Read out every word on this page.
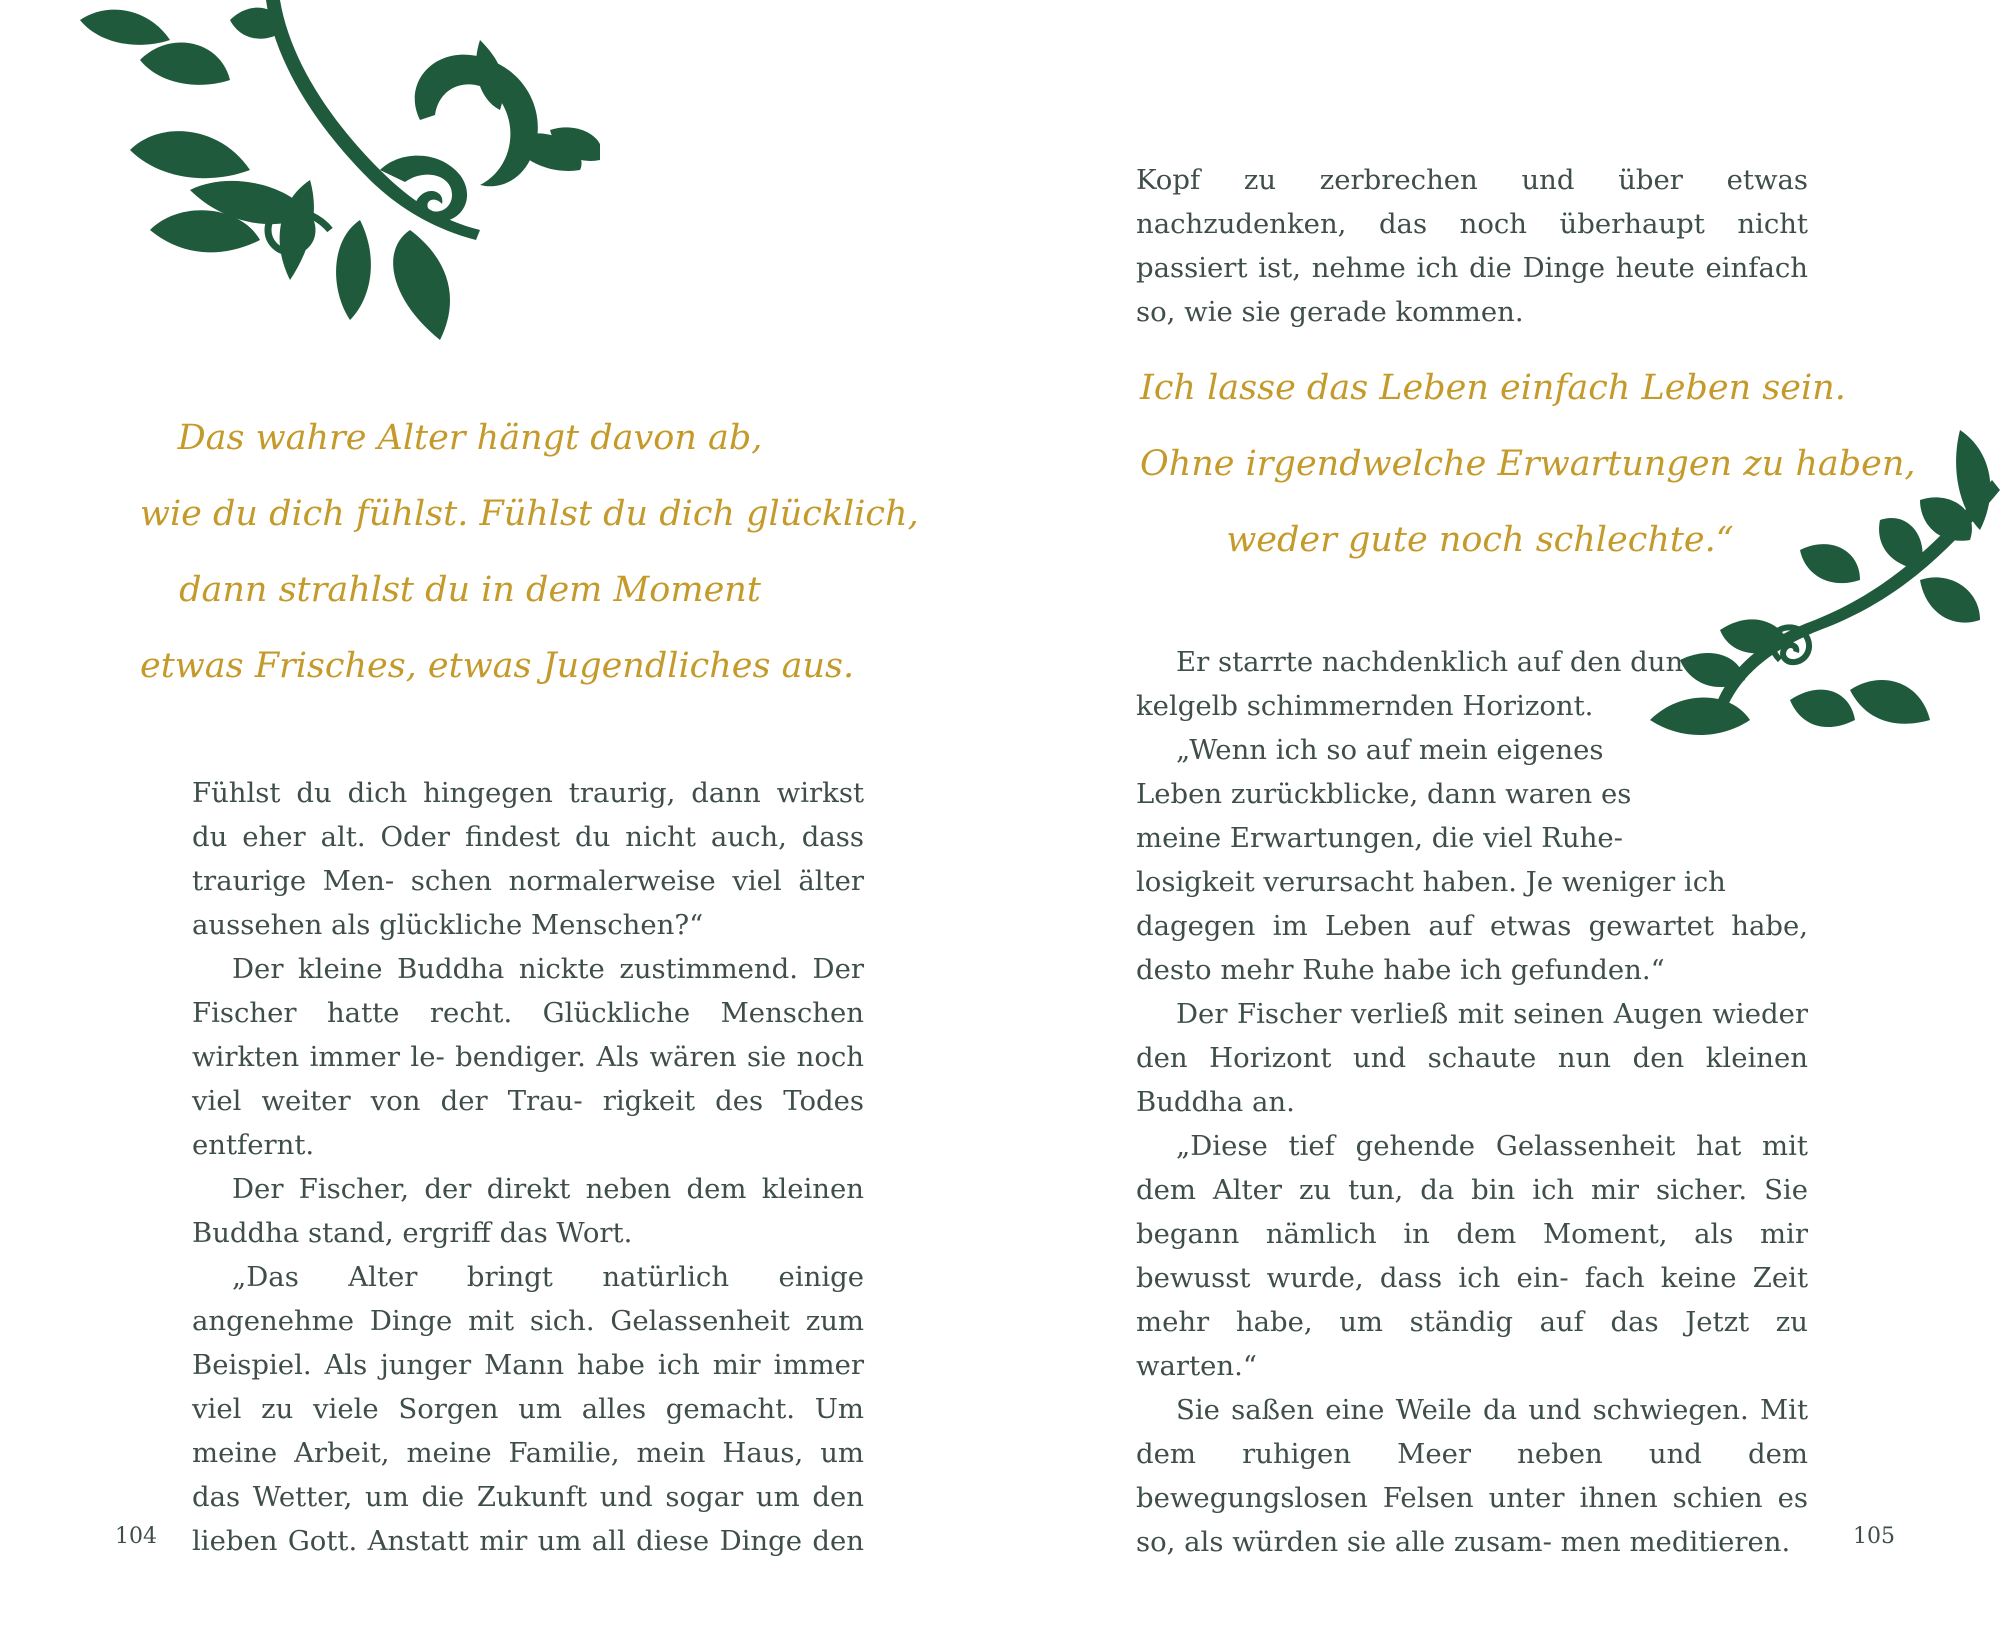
Das wahre Alter hängt davon ab,
wie du dich fühlst. Fühlst du dich glücklich,
dann strahlst du in dem Moment
etwas Frisches, etwas Jugendliches aus.

Fühlst du dich hingegen traurig, dann wirkst du eher alt. Oder findest du nicht auch, dass traurige Men- schen normalerweise viel älter aussehen als glückliche Menschen?“

Der kleine Buddha nickte zustimmend. Der Fischer hatte recht. Glückliche Menschen wirkten immer le- bendiger. Als wären sie noch viel weiter von der Trau- rigkeit des Todes entfernt.

Der Fischer, der direkt neben dem kleinen Buddha stand, ergriff das Wort.

„Das Alter bringt natürlich einige angenehme Dinge mit sich. Gelassenheit zum Beispiel. Als junger Mann habe ich mir immer viel zu viele Sorgen um alles gemacht. Um meine Arbeit, meine Familie, mein Haus, um das Wetter, um die Zukunft und sogar um den lieben Gott. Anstatt mir um all diese Dinge den

104

Kopf zu zerbrechen und über etwas nachzudenken, das noch überhaupt nicht passiert ist, nehme ich die Dinge heute einfach so, wie sie gerade kommen.

Ich lasse das Leben einfach Leben sein.
Ohne irgendwelche Erwartungen zu haben,
weder gute noch schlechte.“
Er starrte nachdenklich auf den dun-
kelgelb schimmernden Horizont.
„Wenn ich so auf mein eigenes
Leben zurückblicke, dann waren es
meine Erwartungen, die viel Ruhe-
losigkeit verursacht haben. Je weniger ich

dagegen im Leben auf etwas gewartet habe, desto mehr Ruhe habe ich gefunden.“

Der Fischer verließ mit seinen Augen wieder den Horizont und schaute nun den kleinen Buddha an.

„Diese tief gehende Gelassenheit hat mit dem Alter zu tun, da bin ich mir sicher. Sie begann nämlich in dem Moment, als mir bewusst wurde, dass ich ein- fach keine Zeit mehr habe, um ständig auf das Jetzt zu warten.“

Sie saßen eine Weile da und schwiegen. Mit dem ruhigen Meer neben und dem bewegungslosen Felsen unter ihnen schien es so, als würden sie alle zusam- men meditieren.	105
